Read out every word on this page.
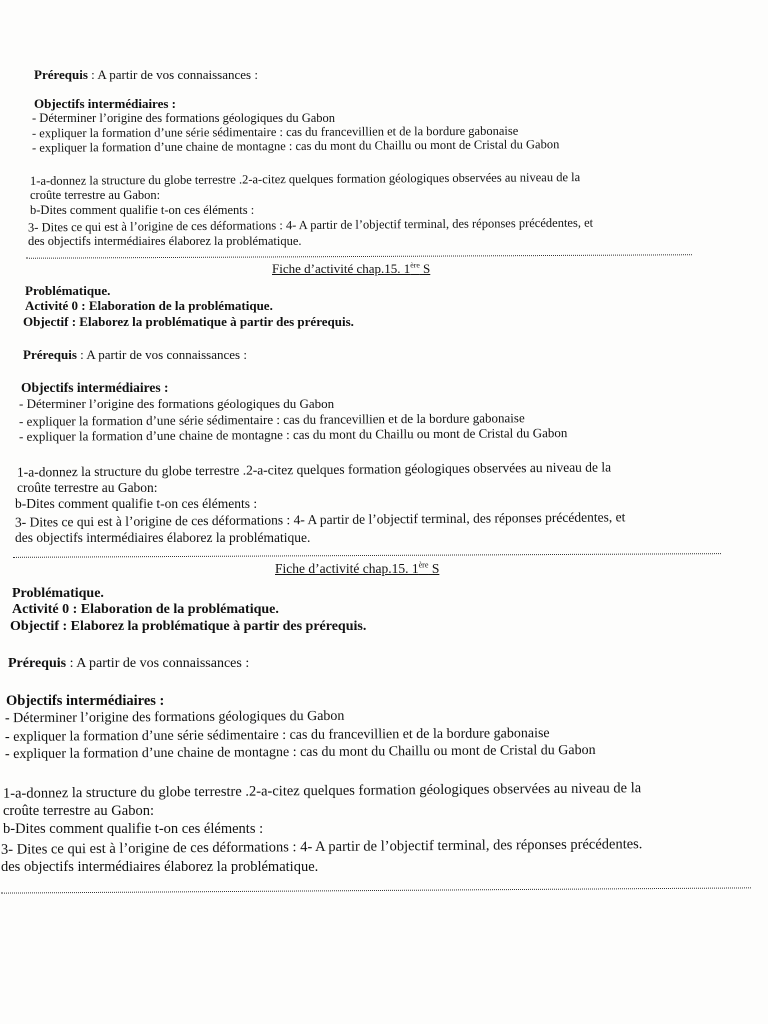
Prérequis : A partir de vos connaissances :
Objectifs intermédiaires :
- Déterminer l’origine des formations géologiques du Gabon
- expliquer la formation d’une série sédimentaire : cas du francevillien et de la bordure gabonaise
- expliquer la formation d’une chaine de montagne : cas du mont du Chaillu ou mont de Cristal du Gabon
1-a-donnez la structure du globe terrestre .2-a-citez quelques formation géologiques observées au niveau de la
croûte terrestre au Gabon:
b-Dites comment qualifie t-on ces éléments :
3- Dites ce qui est à l’origine de ces déformations : 4- A partir de l’objectif terminal, des réponses précédentes, et
des objectifs intermédiaires élaborez la problématique.
Fiche d’activité chap.15. 1ère S
Problématique.
Activité 0 : Elaboration de la problématique.
Objectif : Elaborez la problématique à partir des prérequis.
Prérequis : A partir de vos connaissances :
Objectifs intermédiaires :
- Déterminer l’origine des formations géologiques du Gabon
- expliquer la formation d’une série sédimentaire : cas du francevillien et de la bordure gabonaise
- expliquer la formation d’une chaine de montagne : cas du mont du Chaillu ou mont de Cristal du Gabon
1-a-donnez la structure du globe terrestre .2-a-citez quelques formation géologiques observées au niveau de la
croûte terrestre au Gabon:
b-Dites comment qualifie t-on ces éléments :
3- Dites ce qui est à l’origine de ces déformations : 4- A partir de l’objectif terminal, des réponses précédentes, et
des objectifs intermédiaires élaborez la problématique.
Fiche d’activité chap.15. 1ère S
Problématique.
Activité 0 : Elaboration de la problématique.
Objectif : Elaborez la problématique à partir des prérequis.
Prérequis : A partir de vos connaissances :
Objectifs intermédiaires :
- Déterminer l’origine des formations géologiques du Gabon
- expliquer la formation d’une série sédimentaire : cas du francevillien et de la bordure gabonaise
- expliquer la formation d’une chaine de montagne : cas du mont du Chaillu ou mont de Cristal du Gabon
1-a-donnez la structure du globe terrestre .2-a-citez quelques formation géologiques observées au niveau de la
croûte terrestre au Gabon:
b-Dites comment qualifie t-on ces éléments :
3- Dites ce qui est à l’origine de ces déformations : 4- A partir de l’objectif terminal, des réponses précédentes.
des objectifs intermédiaires élaborez la problématique.
